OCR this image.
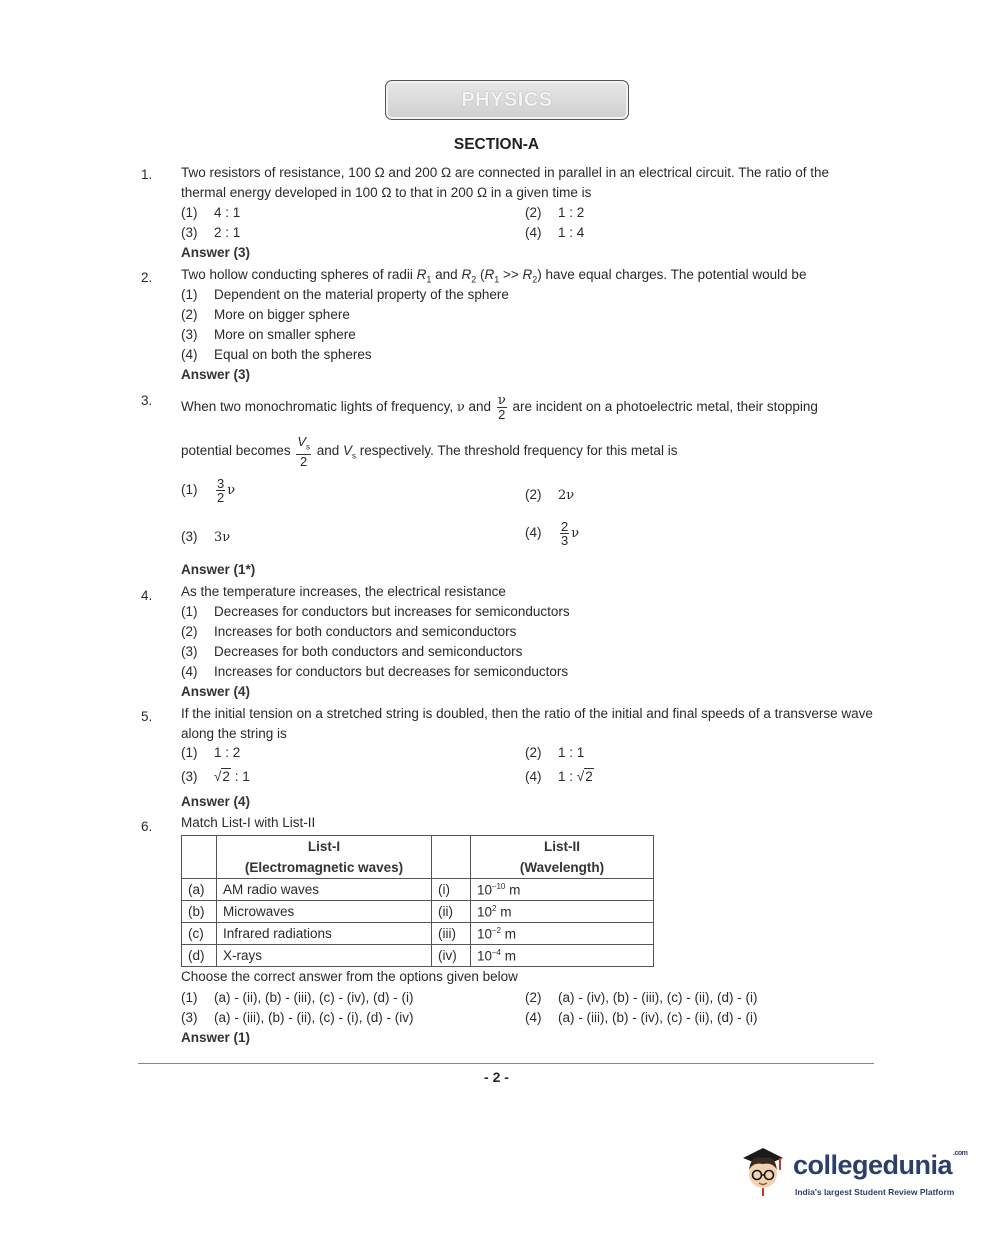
PHYSICS
SECTION-A
1. Two resistors of resistance, 100 Ω and 200 Ω are connected in parallel in an electrical circuit. The ratio of the thermal energy developed in 100 Ω to that in 200 Ω in a given time is
(1) 4 : 1	(2) 1 : 2
(3) 2 : 1	(4) 1 : 4
Answer (3)
2. Two hollow conducting spheres of radii $R_1$ and $R_2$ $(R_1 >> R_2)$ have equal charges. The potential would be
(1) Dependent on the material property of the sphere
(2) More on bigger sphere
(3) More on smaller sphere
(4) Equal on both the spheres
Answer (3)
3. When two monochromatic lights of frequency, ν and $\frac{\nu}{2}$ are incident on a photoelectric metal, their stopping
potential becomes $\frac{V_s}{2}$ and $V_s$ respectively. The threshold frequency for this metal is
$(1) \frac{3}{2}$ ν	(2) 2ν
(3) 3ν	$(4) \frac{2}{3}$ ν
Answer (1*)
4. As the temperature increases, the electrical resistance
(1) Decreases for conductors but increases for semiconductors
(2) Increases for both conductors and semiconductors
(3) Decreases for both conductors and semiconductors
(4) Increases for conductors but decreases for semiconductors
Answer (4)
5. If the initial tension on a stretched string is doubled, then the ratio of the initial and final speeds of a transverse wave along the string is
(1) 1 : 2	(2) 1 : 1
(3) √2 : 1	(4) 1 : √2
Answer (4)
6. Match List-I with List-II
	List-I		List-II
	(Electromagnetic waves)		(Wavelength)
(a)	AM radio waves	(i)	$10^{-10}$ m
(b)	Microwaves	(ii)	$10^2$ m
(c)	Infrared radiations	(iii)	$10^{-2}$ m
(d)	X-rays	(iv)	$10^{-4}$ m
Choose the correct answer from the options given below
(1) (a) - (ii), (b) - (iii), (c) - (iv), (d) - (i)	(2) (a) - (iv), (b) - (iii), (c) - (ii), (d) - (i)
(3) (a) - (iii), (b) - (ii), (c) - (i), (d) - (iv)	(4) (a) - (iii), (b) - (iv), (c) - (ii), (d) - (i)
Answer (1)
- 2 -
collegedunia$^{.com}$
India's largest Student Review Platform
